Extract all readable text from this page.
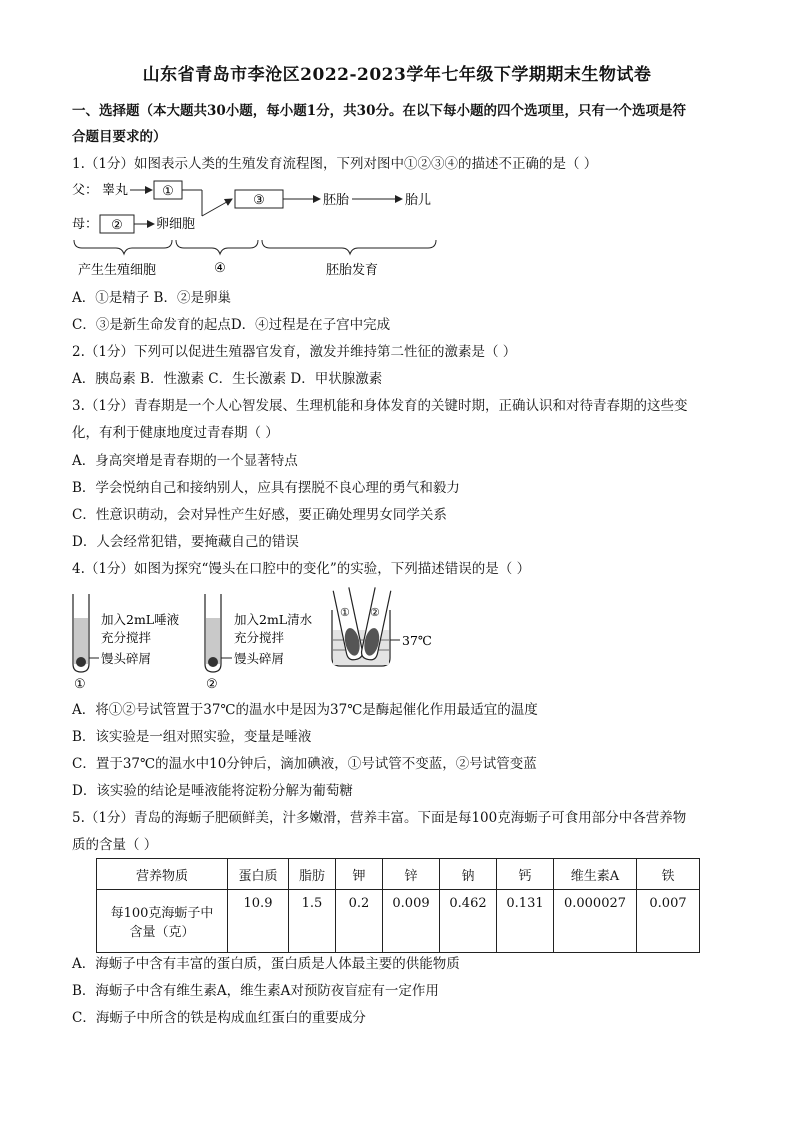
山东省青岛市李沧区2022-2023学年七年级下学期期末生物试卷
一、选择题（本大题共30小题，每小题1分，共30分。在以下每小题的四个选项里，只有一个选项是符
合题目要求的）
1.（1分）如图表示人类的生殖发育流程图，下列对图中①②③④的描述不正确的是（ ）
父： 睾丸	①
母： ②	卵细胞
③	胚胎	胎儿
产生生殖细胞	④	胚胎发育
A．①是精子 B．②是卵巢
C．③是新生命发育的起点D．④过程是在子宫中完成
2.（1分）下列可以促进生殖器官发育，激发并维持第二性征的激素是（ ）
A．胰岛素 B．性激素 C．生长激素 D．甲状腺激素
3.（1分）青春期是一个人心智发展、生理机能和身体发育的关键时期，正确认识和对待青春期的这些变
化，有利于健康地度过青春期（ ）
A．身高突增是青春期的一个显著特点
B．学会悦纳自己和接纳别人，应具有摆脱不良心理的勇气和毅力
C．性意识萌动，会对异性产生好感，要正确处理男女同学关系
D．人会经常犯错，要掩藏自己的错误
4.（1分）如图为探究“馒头在口腔中的变化”的实验，下列描述错误的是（ ）
加入2mL唾液
充分搅拌
馒头碎屑
①
加入2mL清水
充分搅拌
馒头碎屑
②
① ②
37℃
A．将①②号试管置于37℃的温水中是因为37℃是酶起催化作用最适宜的温度
B．该实验是一组对照实验，变量是唾液
C．置于37℃的温水中10分钟后，滴加碘液，①号试管不变蓝，②号试管变蓝
D．该实验的结论是唾液能将淀粉分解为葡萄糖
5.（1分）青岛的海蛎子肥硕鲜美，汁多嫩滑，营养丰富。下面是每100克海蛎子可食用部分中各营养物
质的含量（ ）
营养物质	蛋白质	脂肪	钾	锌	钠	钙	维生素A	铁

每100克海蛎子中
含量（克）	10.9	1.5	0.2	0.009	0.462	0.131	0.000027	0.007
A．海蛎子中含有丰富的蛋白质，蛋白质是人体最主要的供能物质
B．海蛎子中含有维生素A，维生素A对预防夜盲症有一定作用
C．海蛎子中所含的铁是构成血红蛋白的重要成分
